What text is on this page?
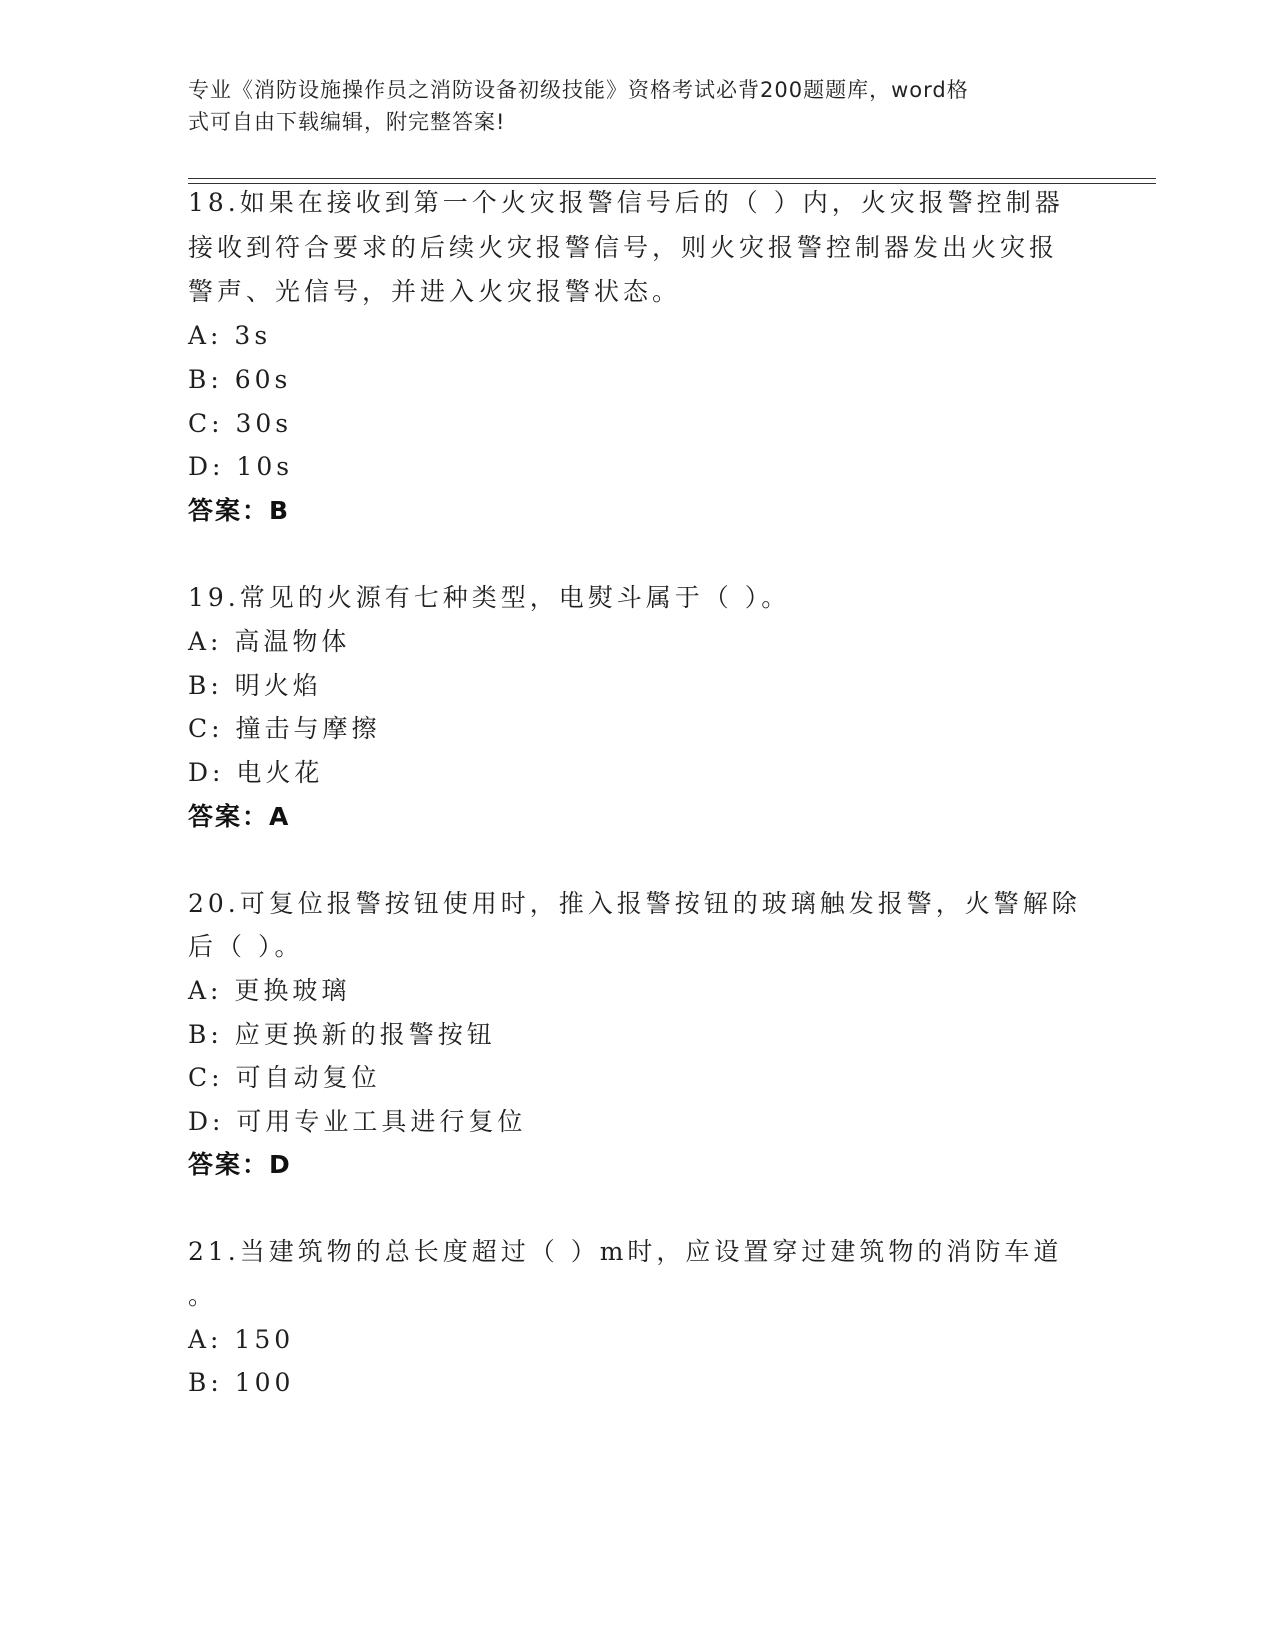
专业《消防设施操作员之消防设备初级技能》资格考试必背200题题库，word格
式可自由下载编辑，附完整答案!
18.如果在接收到第一个火灾报警信号后的（ ）内，火灾报警控制器
接收到符合要求的后续火灾报警信号，则火灾报警控制器发出火灾报
警声、光信号，并进入火灾报警状态。
A: 3s
B: 60s
C: 30s
D: 10s
答案：B
19.常见的火源有七种类型，电熨斗属于（ ）。
A: 高温物体
B: 明火焰
C: 撞击与摩擦
D: 电火花
答案：A
20.可复位报警按钮使用时，推入报警按钮的玻璃触发报警，火警解除
后（ ）。
A: 更换玻璃
B: 应更换新的报警按钮
C: 可自动复位
D: 可用专业工具进行复位
答案：D
21.当建筑物的总长度超过（ ）m时，应设置穿过建筑物的消防车道
。
A: 150
B: 100
